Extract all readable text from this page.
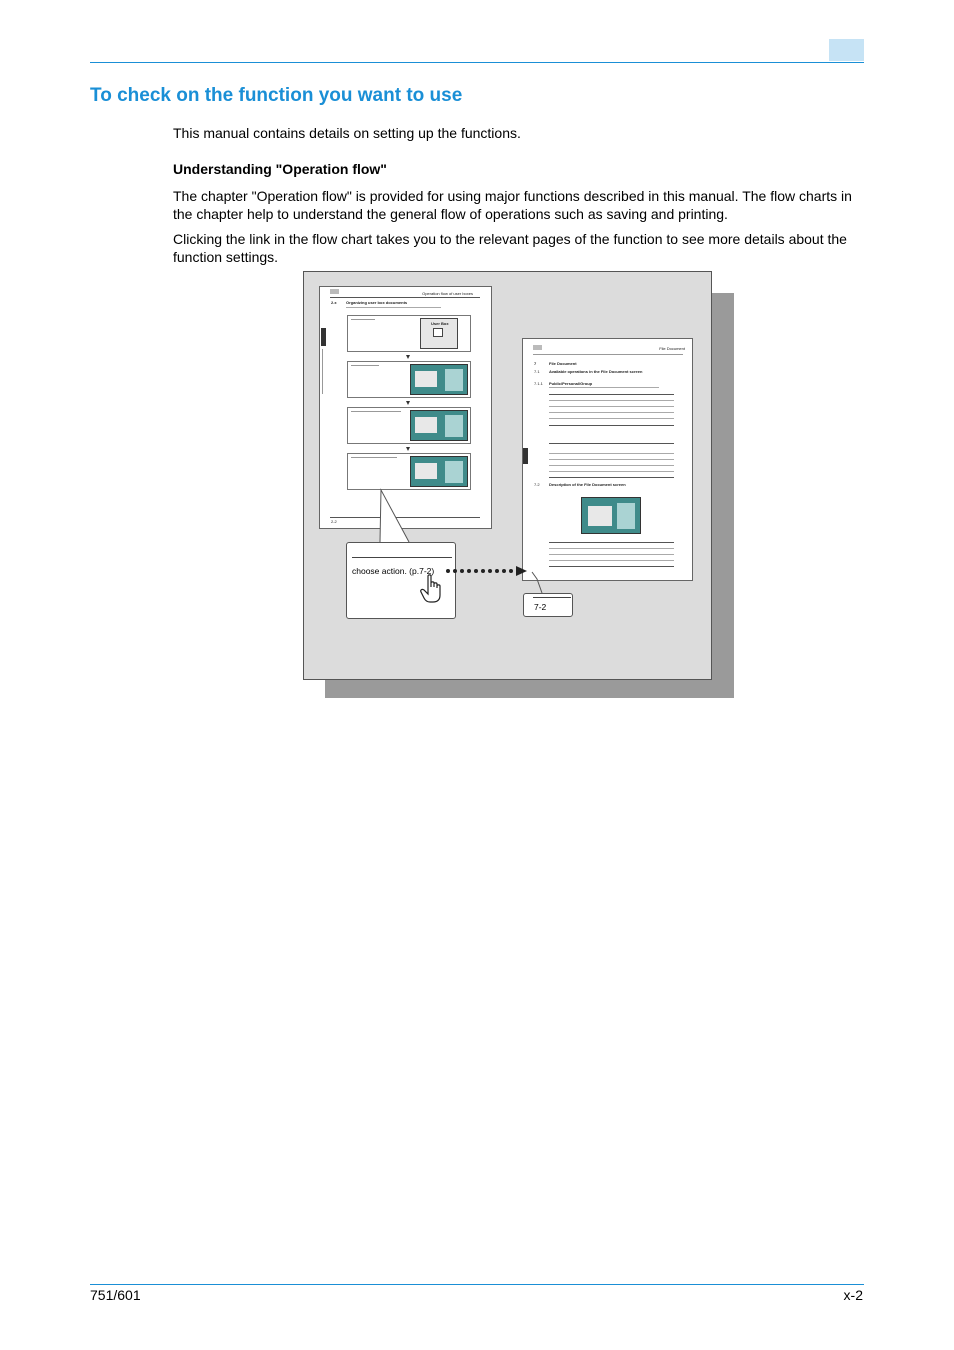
To check on the function you want to use
This manual contains details on setting up the functions.
Understanding "Operation flow"
The chapter "Operation flow" is provided for using major functions described in this manual. The flow charts in the chapter help to understand the general flow of operations such as saving and printing.
Clicking the link in the flow chart takes you to the relevant pages of the function to see more details about the function settings.
Operation flow of user boxes
2.x Organizing user box documents
User Box
2-2
File Document
7	File Document
7.1 Available operations in the File Document screen
7.1.1 Public/Personal/Group
7.2 Description of the File Document screen
choose action. (p.7-2)
7-2
751/601	x-2
